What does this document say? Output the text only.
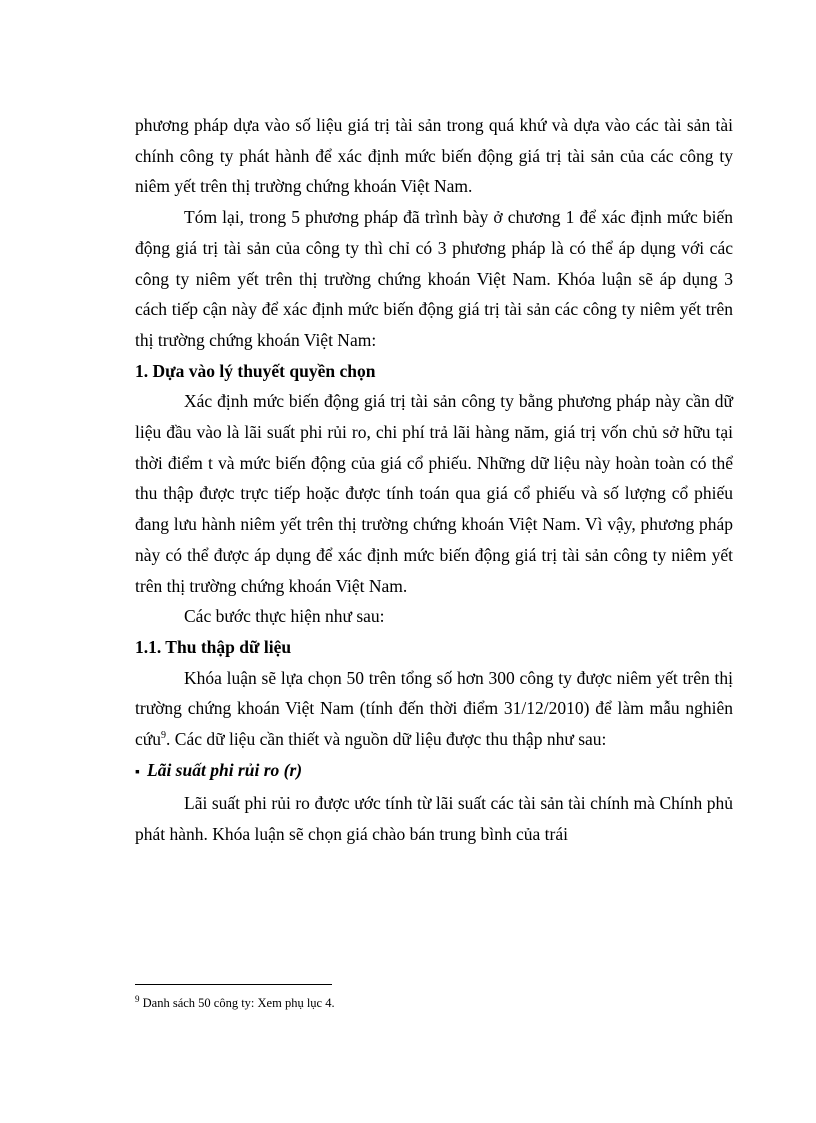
phương pháp dựa vào số liệu giá trị tài sản trong quá khứ và dựa vào các tài sản tài chính công ty phát hành để xác định mức biến động giá trị tài sản của các công ty niêm yết trên thị trường chứng khoán Việt Nam.

Tóm lại, trong 5 phương pháp đã trình bày ở chương 1 để xác định mức biến động giá trị tài sản của công ty thì chỉ có 3 phương pháp là có thể áp dụng với các công ty niêm yết trên thị trường chứng khoán Việt Nam. Khóa luận sẽ áp dụng 3 cách tiếp cận này để xác định mức biến động giá trị tài sản các công ty niêm yết trên thị trường chứng khoán Việt Nam:

1. Dựa vào lý thuyết quyền chọn

Xác định mức biến động giá trị tài sản công ty bằng phương pháp này cần dữ liệu đầu vào là lãi suất phi rủi ro, chi phí trả lãi hàng năm, giá trị vốn chủ sở hữu tại thời điểm t và mức biến động của giá cổ phiếu. Những dữ liệu này hoàn toàn có thể thu thập được trực tiếp hoặc được tính toán qua giá cổ phiếu và số lượng cổ phiếu đang lưu hành niêm yết trên thị trường chứng khoán Việt Nam. Vì vậy, phương pháp này có thể được áp dụng để xác định mức biến động giá trị tài sản công ty niêm yết trên thị trường chứng khoán Việt Nam.

Các bước thực hiện như sau:

1.1. Thu thập dữ liệu

Khóa luận sẽ lựa chọn 50 trên tổng số hơn 300 công ty được niêm yết trên thị trường chứng khoán Việt Nam (tính đến thời điểm 31/12/2010) để làm mẫu nghiên cứu$^9$. Các dữ liệu cần thiết và nguồn dữ liệu được thu thập như sau:

▪ Lãi suất phi rủi ro (r)

Lãi suất phi rủi ro được ước tính từ lãi suất các tài sản tài chính mà Chính phủ phát hành. Khóa luận sẽ chọn giá chào bán trung bình của trái

$^9$ Danh sách 50 công ty: Xem phụ lục 4.
